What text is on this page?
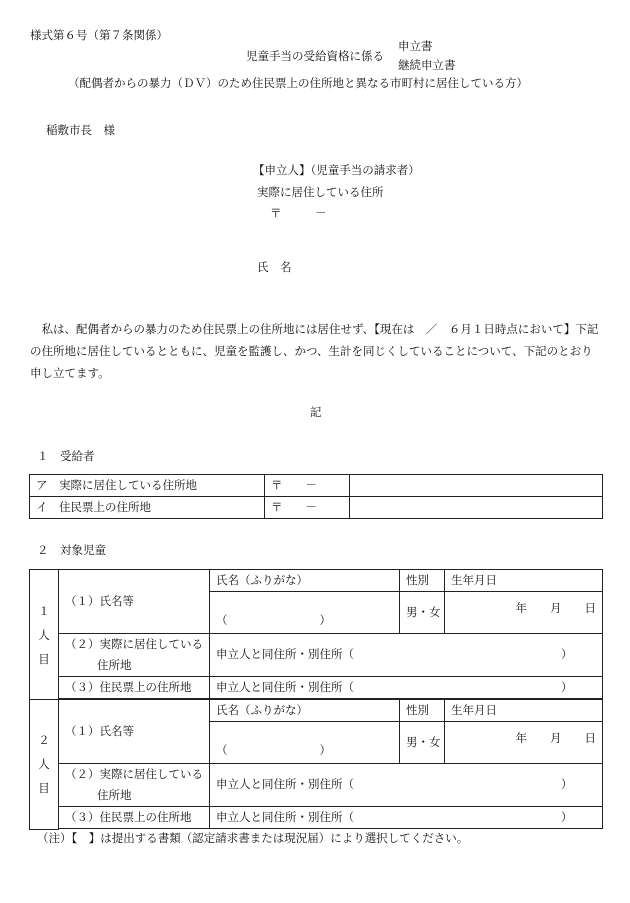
様式第６号（第７条関係）
児童手当の受給資格に係る
申立書
継続申立書
（配偶者からの暴力（ＤＶ）のため住民票上の住所地と異なる市町村に居住している方）
稲敷市長　様
【申立人】（児童手当の請求者）
実際に居住している住所
〒	－
氏　名
　私は、配偶者からの暴力のため住民票上の住所地には居住せず、【現在は　／　６月１日時点において】下記の住所地に居住しているとともに、児童を監護し、かつ、生計を同じくしていることについて、下記のとおり申し立てます。
記
１　受給者
ア　実際に居住している住所地	〒　　－	
イ　住民票上の住所地	〒　　－	
２　対象児童
１
人
目	（１）氏名等	氏名（ふりがな）	性別	生年月日
		（　　　　　　　　）	男・女	年　　月　　日
	（２）実際に居住している
住所地	申立人と同住所・別住所（　　　　　　　　　　　　　　　　　　）		
	（３）住民票上の住所地	申立人と同住所・別住所（　　　　　　　　　　　　　　　　　　）		

２
人
目	（１）氏名等	氏名（ふりがな）	性別	生年月日
		（　　　　　　　　）	男・女	年　　月　　日
	（２）実際に居住している
住所地	申立人と同住所・別住所（　　　　　　　　　　　　　　　　　　）		
	（３）住民票上の住所地	申立人と同住所・別住所（　　　　　　　　　　　　　　　　　　）		

（注）【　】は提出する書類（認定請求書または現況届）により選択してください。
